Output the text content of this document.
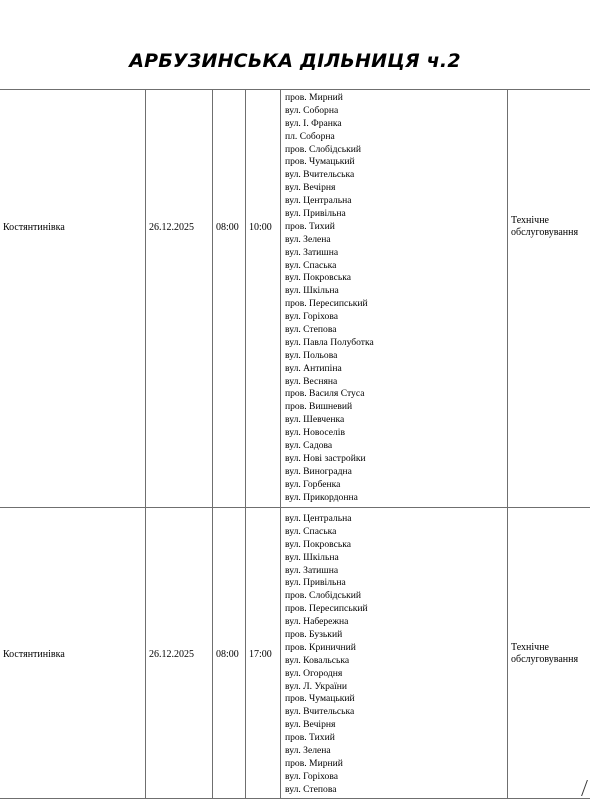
АРБУЗИНСЬКА ДІЛЬНИЦЯ ч.2
Костянтинівка	26.12.2025 08:00 10:00
Технічне
обслуговування
пров. Мирний
вул. Соборна
вул. І. Франка
пл. Соборна
пров. Слобідський
пров. Чумацький
вул. Вчительська
вул. Вечірня
вул. Центральна
вул. Привільна
пров. Тихий
вул. Зелена
вул. Затишна
вул. Спаська
вул. Покровська
вул. Шкільна
пров. Пересипський
вул. Горіхова
вул. Степова
вул. Павла Полуботка
вул. Польова
вул. Антипіна
вул. Весняна
пров. Василя Стуса
пров. Вишневий
вул. Шевченка
вул. Новоселів
вул. Садова
вул. Нові застройки
вул. Виноградна
вул. Горбенка
вул. Прикордонна
Костянтинівка	26.12.2025 08:00 17:00
Технічне
обслуговування
вул. Центральна
вул. Спаська
вул. Покровська
вул. Шкільна
вул. Затишна
вул. Привільна
пров. Слобідський
пров. Пересипський
вул. Набережна
пров. Бузький
пров. Криничний
вул. Ковальська
вул. Огородня
вул. Л. України
пров. Чумацький
вул. Вчительська
вул. Вечірня
пров. Тихий
вул. Зелена
пров. Мирний
вул. Горіхова
вул. Степова
